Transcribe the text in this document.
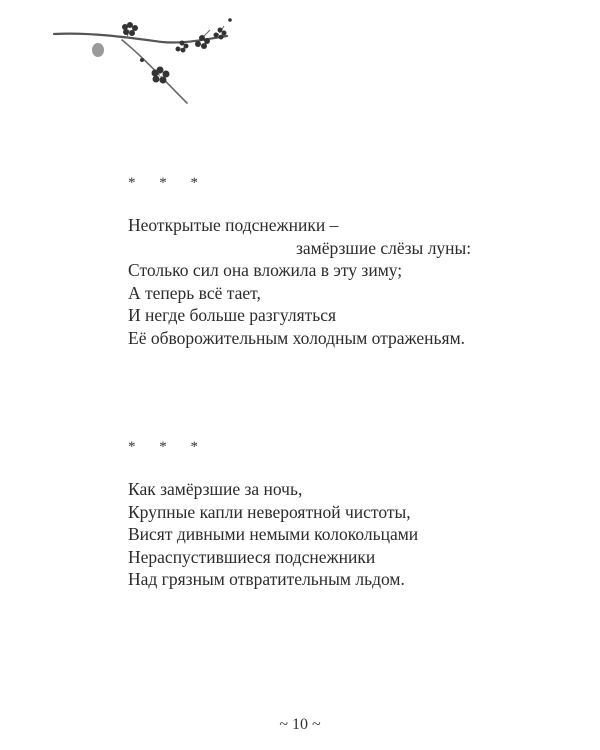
* * *
Неоткрытые подснежники –
замёрзшие слёзы луны:
Столько сил она вложила в эту зиму;
А теперь всё тает,
И негде больше разгуляться
Её обворожительным холодным отраженьям.
* * *
Как замёрзшие за ночь,
Крупные капли невероятной чистоты,
Висят дивными немыми колокольцами
Нераспустившиеся подснежники
Над грязным отвратительным льдом.
~ 10 ~
